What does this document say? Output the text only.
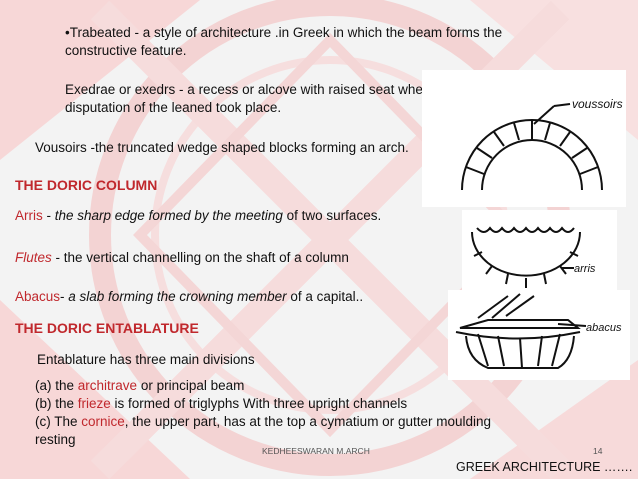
•Trabeated - a style of architecture .in Greek in which the beam forms the
constructive feature.
Exedrae or exedrs - a recess or alcove with raised seat where . The
disputation of the leaned took place.
Vousoirs -the truncated wedge shaped blocks forming an arch.
THE DORIC COLUMN
Arris - the sharp edge formed by the meeting of two surfaces.
Flutes - the vertical channelling on the shaft of a column
Abacus- a slab forming the crowning member of a capital..
THE DORIC ENTABLATURE
Entablature has three main divisions
(a) the architrave or principal beam
(b) the frieze is formed of triglyphs With three upright channels
(c) The cornice, the upper part, has at the top a cymatium or gutter moulding
resting
voussoirs
arris
abacus
KEDHEESWARAN M.ARCH	14
GREEK ARCHITECTURE …….
